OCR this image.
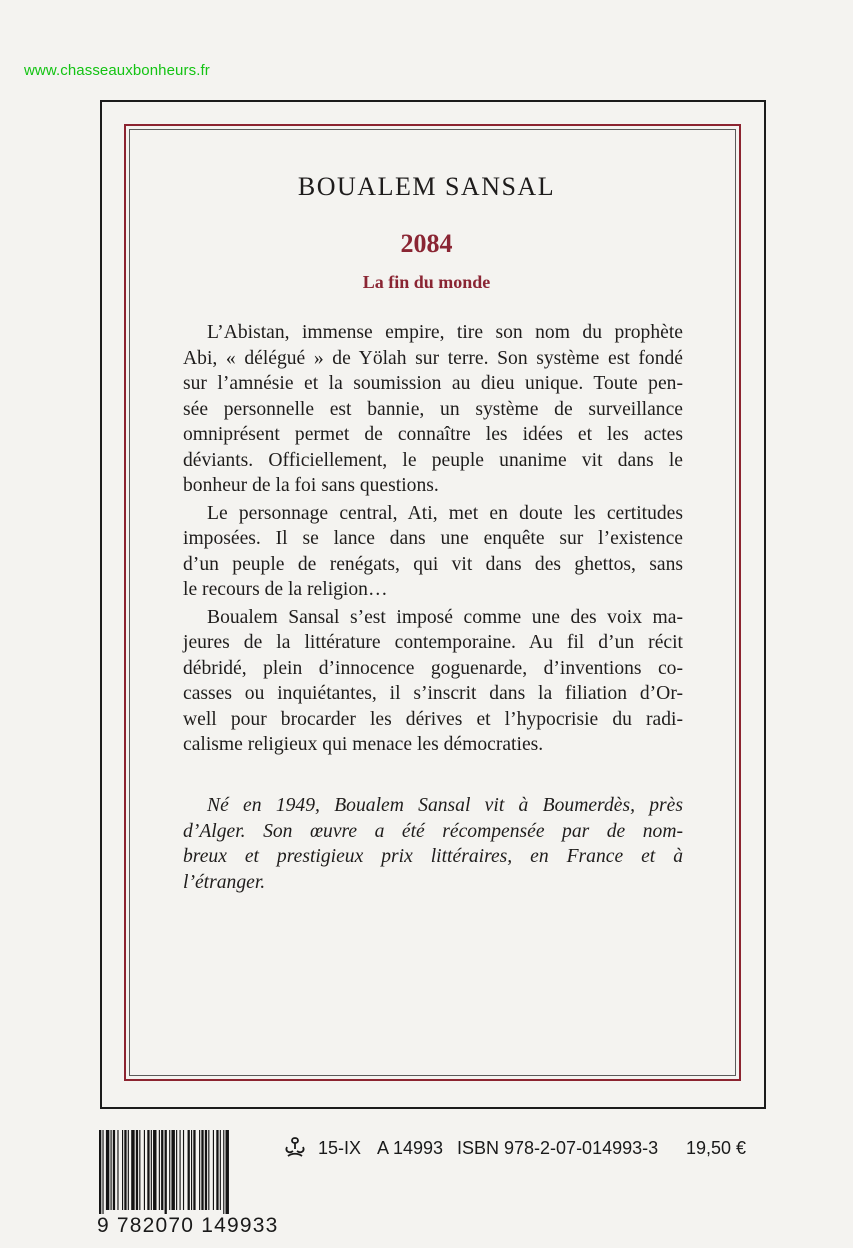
www.chasseauxbonheurs.fr
BOUALEM SANSAL
2084
La fin du monde
L’Abistan, immense empire, tire son nom du prophète
Abi, « délégué » de Yölah sur terre. Son système est fondé
sur l’amnésie et la soumission au dieu unique. Toute pen-
sée personnelle est bannie, un système de surveillance
omniprésent permet de connaître les idées et les actes
déviants. Officiellement, le peuple unanime vit dans le
bonheur de la foi sans questions.
Le personnage central, Ati, met en doute les certitudes
imposées. Il se lance dans une enquête sur l’existence
d’un peuple de renégats, qui vit dans des ghettos, sans
le recours de la religion…
Boualem Sansal s’est imposé comme une des voix ma-
jeures de la littérature contemporaine. Au fil d’un récit
débridé, plein d’innocence goguenarde, d’inventions co-
casses ou inquiétantes, il s’inscrit dans la filiation d’Or-
well pour brocarder les dérives et l’hypocrisie du radi-
calisme religieux qui menace les démocraties.
Né en 1949, Boualem Sansal vit à Boumerdès, près
d’Alger. Son œuvre a été récompensée par de nom-
breux et prestigieux prix littéraires, en France et à
l’étranger.
9 782070 149933
15-IX A 14993 ISBN 978-2-07-014993-3 19,50 €
